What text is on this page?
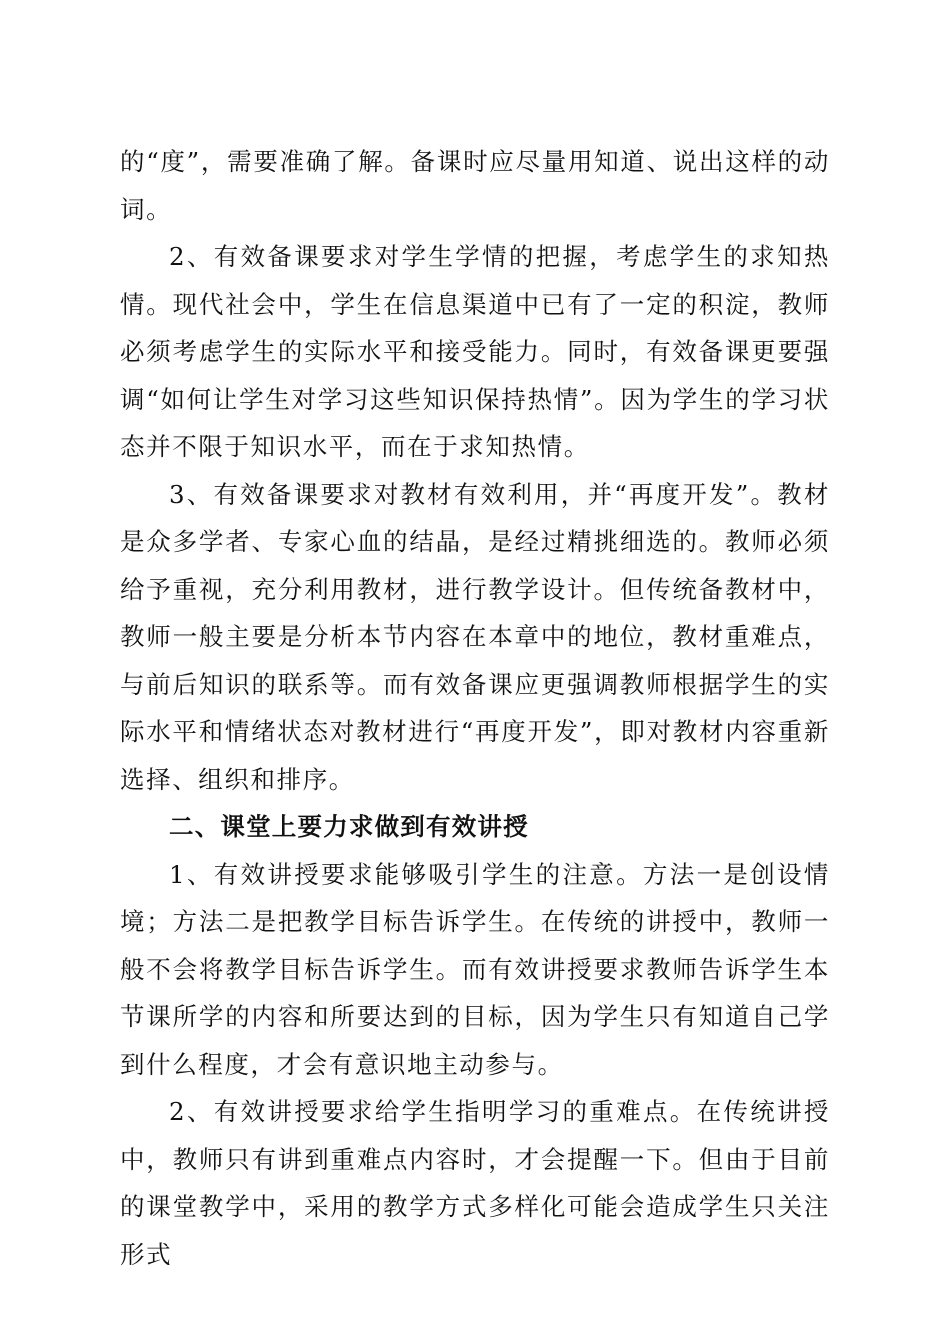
的“度”，需要准确了解。备课时应尽量用知道、说出这样的动词。

2、有效备课要求对学生学情的把握，考虑学生的求知热情。现代社会中，学生在信息渠道中已有了一定的积淀，教师必须考虑学生的实际水平和接受能力。同时，有效备课更要强调“如何让学生对学习这些知识保持热情”。因为学生的学习状态并不限于知识水平，而在于求知热情。

3、有效备课要求对教材有效利用，并“再度开发”。教材是众多学者、专家心血的结晶，是经过精挑细选的。教师必须给予重视，充分利用教材，进行教学设计。但传统备教材中，教师一般主要是分析本节内容在本章中的地位，教材重难点，与前后知识的联系等。而有效备课应更强调教师根据学生的实际水平和情绪状态对教材进行“再度开发”，即对教材内容重新选择、组织和排序。

二、课堂上要力求做到有效讲授

1、有效讲授要求能够吸引学生的注意。方法一是创设情境；方法二是把教学目标告诉学生。在传统的讲授中，教师一般不会将教学目标告诉学生。而有效讲授要求教师告诉学生本节课所学的内容和所要达到的目标，因为学生只有知道自己学到什么程度，才会有意识地主动参与。

2、有效讲授要求给学生指明学习的重难点。在传统讲授中，教师只有讲到重难点内容时，才会提醒一下。但由于目前的课堂教学中，采用的教学方式多样化可能会造成学生只关注形式
